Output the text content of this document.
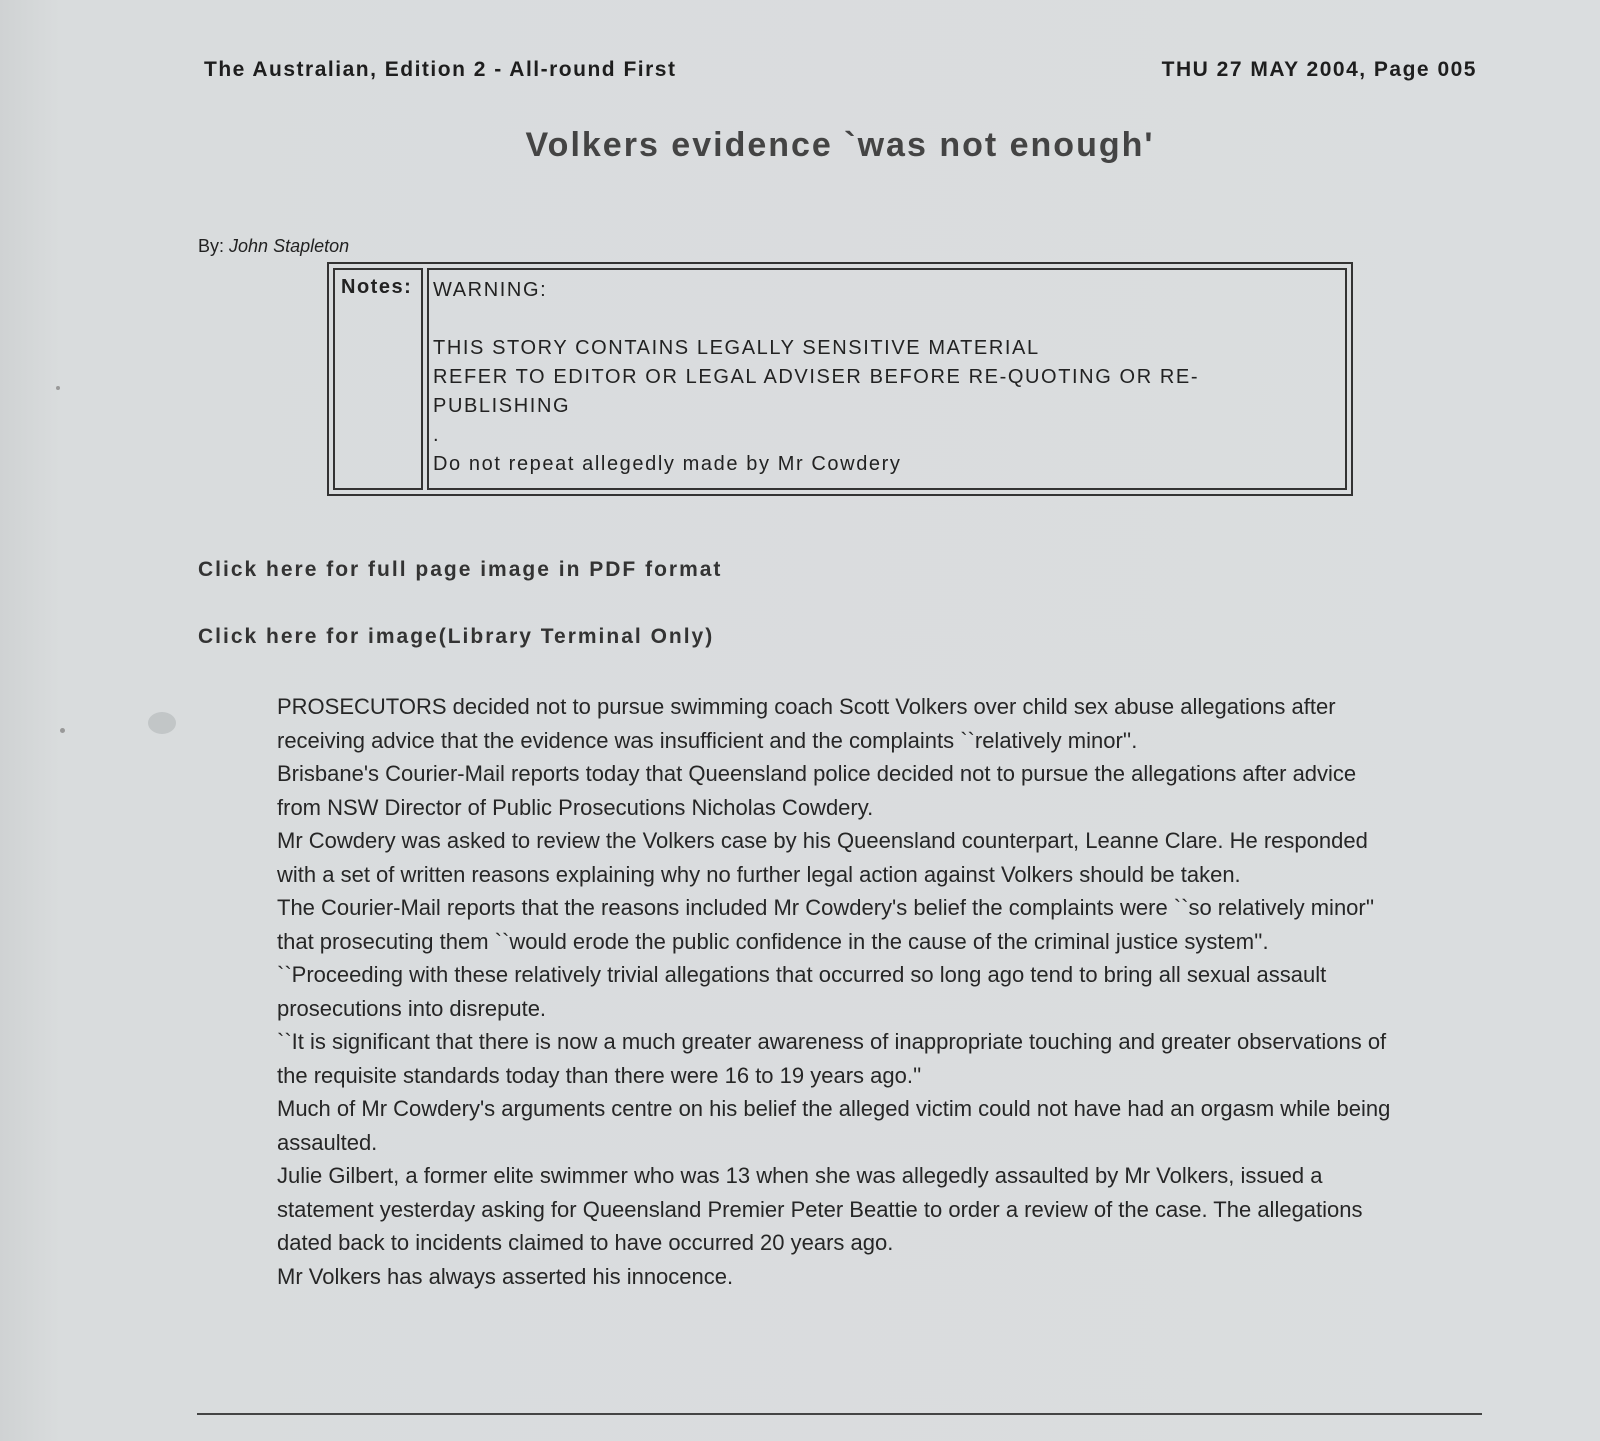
The Australian, Edition 2 - All-round First	THU 27 MAY 2004, Page 005
Volkers evidence `was not enough'
By: John Stapleton
Notes:	WARNING:
THIS STORY CONTAINS LEGALLY SENSITIVE MATERIAL
REFER TO EDITOR OR LEGAL ADVISER BEFORE RE-QUOTING OR RE-
PUBLISHING
.
Do not repeat allegedly made by Mr Cowdery
Click here for full page image in PDF format
Click here for image(Library Terminal Only)

PROSECUTORS decided not to pursue swimming coach Scott Volkers over child sex abuse allegations after receiving advice that the evidence was insufficient and the complaints ``relatively minor''.

Brisbane's Courier-Mail reports today that Queensland police decided not to pursue the allegations after advice from NSW Director of Public Prosecutions Nicholas Cowdery.

Mr Cowdery was asked to review the Volkers case by his Queensland counterpart, Leanne Clare. He responded with a set of written reasons explaining why no further legal action against Volkers should be taken.

The Courier-Mail reports that the reasons included Mr Cowdery's belief the complaints were ``so relatively minor'' that prosecuting them ``would erode the public confidence in the cause of the criminal justice system''.

``Proceeding with these relatively trivial allegations that occurred so long ago tend to bring all sexual assault prosecutions into disrepute.

``It is significant that there is now a much greater awareness of inappropriate touching and greater observations of the requisite standards today than there were 16 to 19 years ago.''

Much of Mr Cowdery's arguments centre on his belief the alleged victim could not have had an orgasm while being assaulted.

Julie Gilbert, a former elite swimmer who was 13 when she was allegedly assaulted by Mr Volkers, issued a statement yesterday asking for Queensland Premier Peter Beattie to order a review of the case. The allegations dated back to incidents claimed to have occurred 20 years ago.

Mr Volkers has always asserted his innocence.
